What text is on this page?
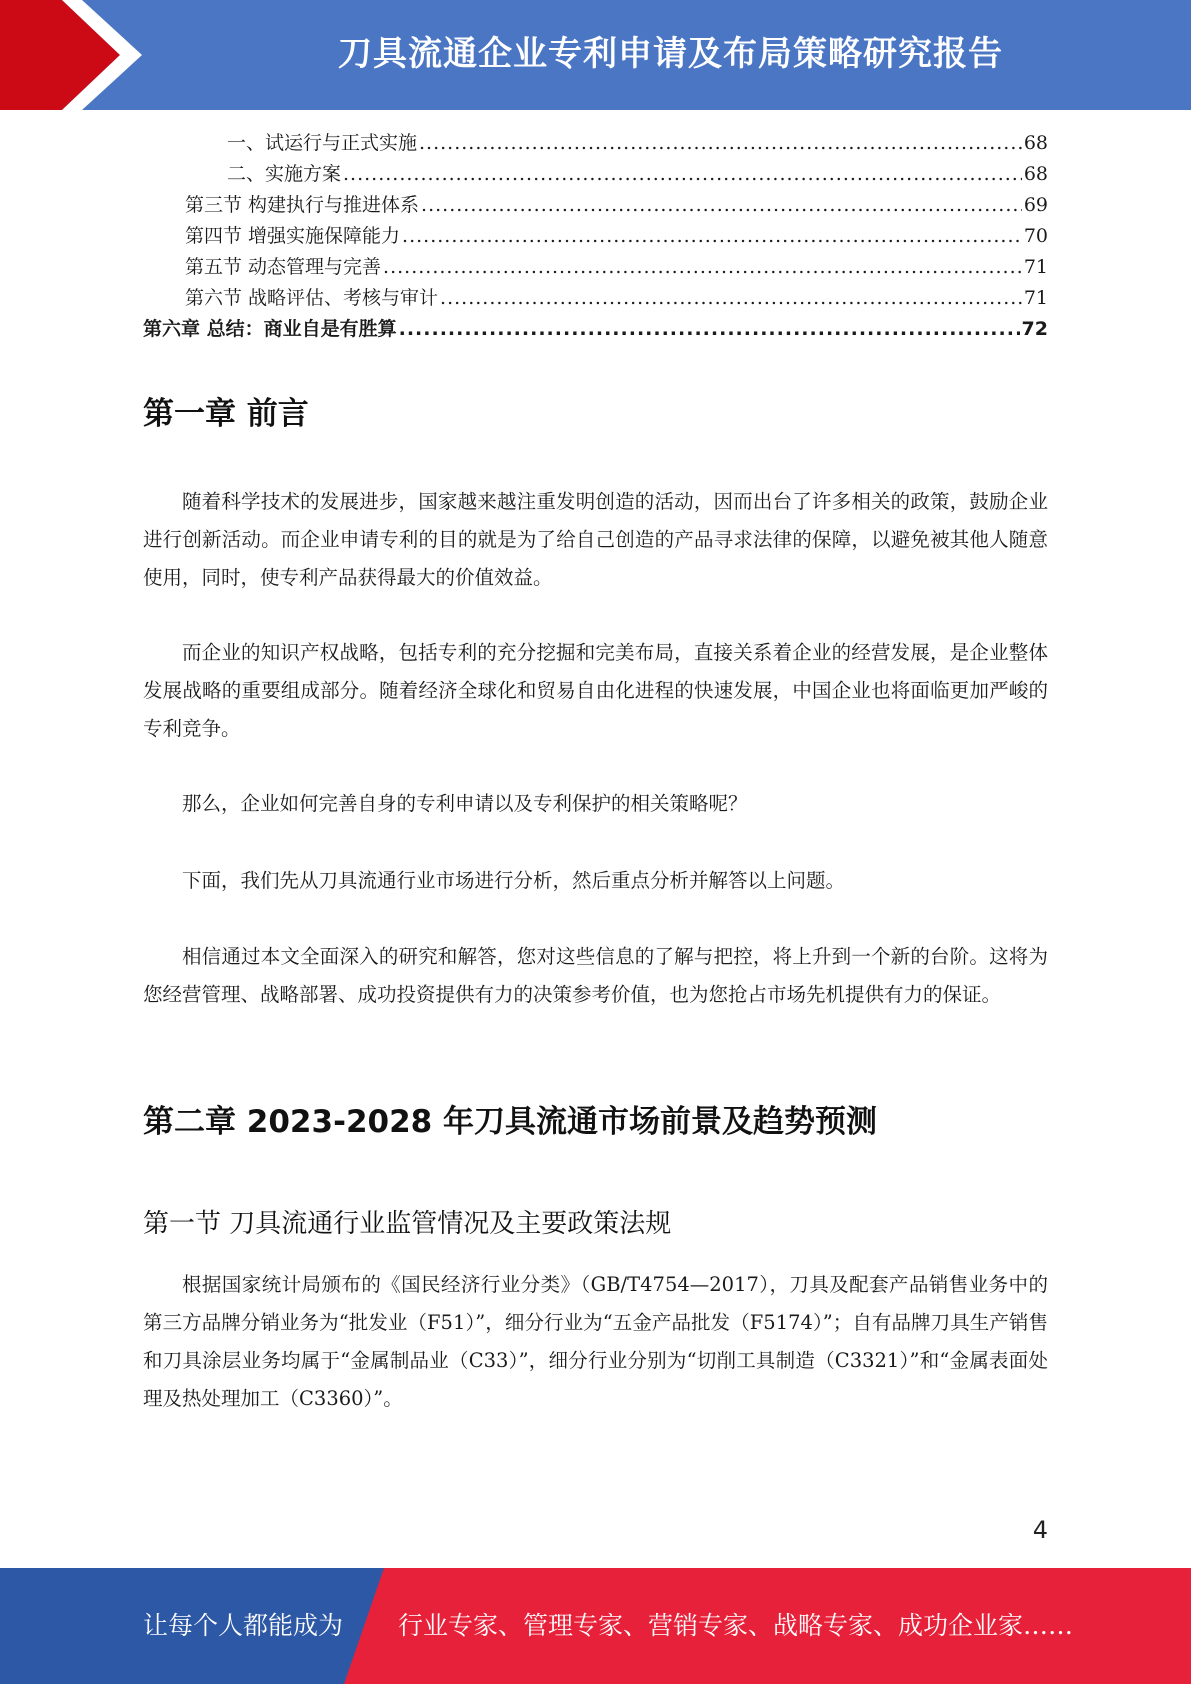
刀具流通企业专利申请及布局策略研究报告
一、试运行与正式实施 .....	68
二、实施方案 .....	68
第三节 构建执行与推进体系 .....	69
第四节 增强实施保障能力 .....	70
第五节 动态管理与完善 .....	71
第六节 战略评估、考核与审计 .....	71
第六章 总结：商业自是有胜算 .....	72
第一章 前言

随着科学技术的发展进步，国家越来越注重发明创造的活动，因而出台了许多相关的政策，鼓励企业进行创新活动。而企业申请专利的目的就是为了给自己创造的产品寻求法律的保障，以避免被其他人随意使用，同时，使专利产品获得最大的价值效益。

而企业的知识产权战略，包括专利的充分挖掘和完美布局，直接关系着企业的经营发展，是企业整体发展战略的重要组成部分。随着经济全球化和贸易自由化进程的快速发展，中国企业也将面临更加严峻的专利竞争。

那么，企业如何完善自身的专利申请以及专利保护的相关策略呢？

下面，我们先从刀具流通行业市场进行分析，然后重点分析并解答以上问题。

相信通过本文全面深入的研究和解答，您对这些信息的了解与把控，将上升到一个新的台阶。这将为您经营管理、战略部署、成功投资提供有力的决策参考价值，也为您抢占市场先机提供有力的保证。

第二章 2023-2028 年刀具流通市场前景及趋势预测
第一节 刀具流通行业监管情况及主要政策法规

根据国家统计局颁布的《国民经济行业分类》（GB/T4754—2017），刀具及配套产品销售业务中的第三方品牌分销业务为“批发业（F51）”，细分行业为“五金产品批发（F5174）”；自有品牌刀具生产销售和刀具涂层业务均属于“金属制品业（C33）”，细分行业分别为“切削工具制造（C3321）”和“金属表面处理及热处理加工（C3360）”。

4
让每个人都能成为 行业专家、管理专家、营销专家、战略专家、成功企业家……
